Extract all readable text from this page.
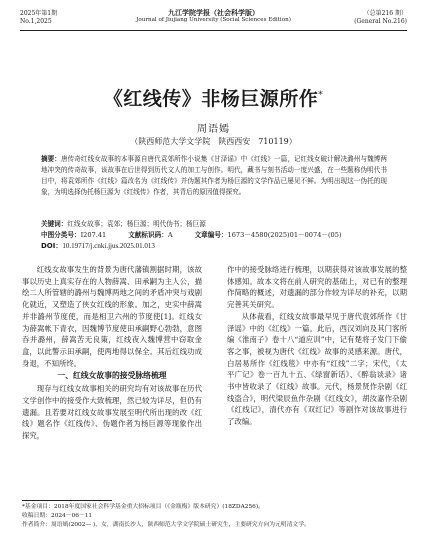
2025年第1期
No.1,2025
九江学院学报（社会科学版）
Journal of Jiujiang University (Social Sciences Edition)
（总第216 期）
(General No.216)
《红线传》非杨巨源所作*
周语嫣
（陕西师范大学文学院　陕西西安　710119）
摘要：唐传奇红线女故事的本事源自唐代袁郊所作小说集《甘泽谣》中《红线》一篇，记红线女破计解决潞州与魏博两地冲突的传奇故事，该故事在后世得到历代文人的加工与创作。明代，藏书与刻书活动一度兴盛，在一些题称伪明代书目中，将袁郊所作《红线》篇改名为《红线传》并伪题其作者为杨巨源的文学作品已屡见不鲜。为明出现这一伪托的现象，为明选择伪托杨巨源为《红线传》作者，其背后的原因值得探究。
关键词：红线女故事；袁郊；杨巨源；明代伪书；杨巨源
中图分类号：I207.41	文献标识码：A	文章编号：1673－4580(2025)01－0074－(05)
DOI：10.19717/j.cnki.jjus.2025.01.013

红线女故事发生的背景为唐代藩镇割据时期，该故事以历史上真实存在的人物薛嵩、田承嗣为主人公，描绘二人所管辖的潞州与魏博两地之间的矛盾冲突与戏剧化就近，又塑造了侠女红线的形象。加之，史实中薛嵩并非潞州节度使，而是相卫六州的节度使[1]。红线女为薛嵩帐下青衣，因魏博节度使田承嗣野心勃勃，意图吞并潞州，薛嵩苦无良策，红线夜入魏博营中窃取金盒，以此警示田承嗣，使两地得以保全。其后红线功成身退，不知所终。

一、红线女故事的接受脉络梳理

现存与红线女故事相关的研究均有对该故事在历代文学创作中的接受作大致梳理，然已较为详尽，但仍有遗漏。且若要对红线女故事发展至明代所出现的改《红线》题名作《红线传》、伪题作者为杨巨源等现象作出探究，

作中的接受脉络进行梳理，以期获得对该故事发展的整体感知。故本文将在前人研究的基础上，对已有的整理作简略的概述，对遗漏的部分作较为详尽的补充，以期完善其关研究。

从体裁看，红线女故事最早见于唐代袁郊所作《甘泽谣》中的《红线》一篇。此后，西汉刘向及其门客所编《淮南子》卷十八“道应训”中，记有楚将子发门下偷客之事，被视为唐代《红线》故事的灵感来源。唐代，白居易所作《红线毯》中亦有“红线”二字；宋代，《太平广记》卷一百九十五、《绿窗新话》、《醉翁谈录》诸书中皆收录了《红线》故事。元代，杨景贤作杂剧《红线盗合》，明代梁辰鱼作杂剧《红线女》，胡汝嘉作杂剧《红线记》，清代亦有《双红记》等剧作对该故事进行了改编。

*基金项目：2018年度国家社会科学基金重大招标项目（《金瓶梅》版本研究）(18ZDA256)。
收稿日期：2024－06－11
作者简介：周语嫣(2002— )，女，湖南长沙人，陕西师范大学文学院硕士研究生，主要研究方向为元明清文学。
